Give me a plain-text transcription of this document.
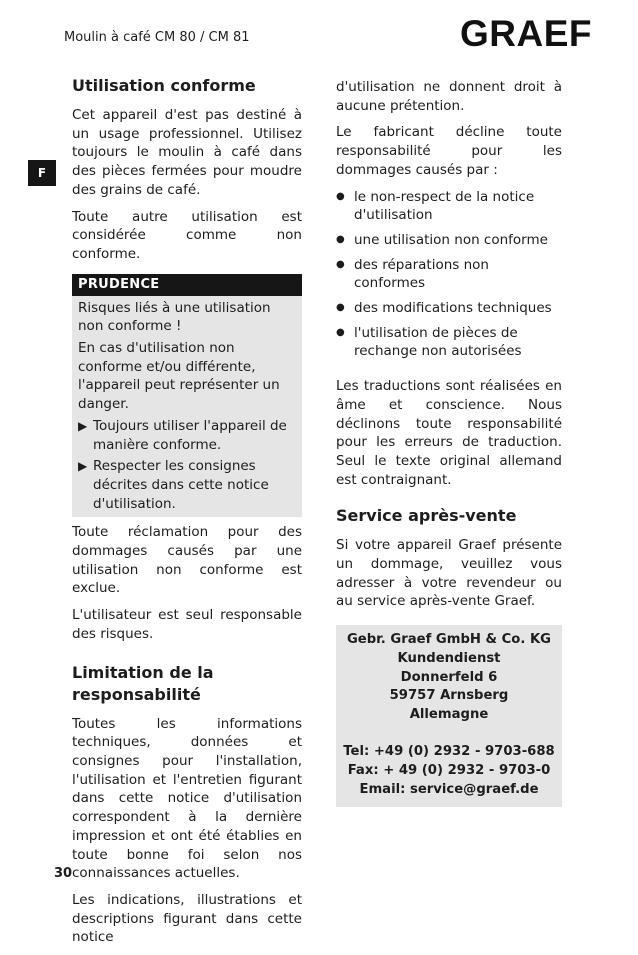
Moulin à café CM 80 / CM 81	GRAEF
F
Utilisation conforme

Cet appareil d'est pas destiné à un usage professionnel. Utilisez toujours le moulin à café dans des pièces fermées pour moudre des grains de café.

Toute autre utilisation est considérée comme non conforme.

PRUDENCE

Risques liés à une utilisation non conforme !

En cas d'utilisation non conforme et/ou différente, l'appareil peut représenter un danger.

▶ Toujours utiliser l'appareil de manière conforme.
▶ Respecter les consignes décrites dans cette notice d'utilisation.

Toute réclamation pour des dommages causés par une utilisation non conforme est exclue.

L'utilisateur est seul responsable des risques.

Limitation de la responsabilité

Toutes les informations techniques, données et consignes pour l'installation, l'utilisation et l'entretien figurant dans cette notice d'utilisation correspondent à la dernière impression et ont été établies en toute bonne foi selon nos connaissances actuelles.

Les indications, illustrations et descriptions figurant dans cette notice

d'utilisation ne donnent droit à aucune prétention.

Le fabricant décline toute responsabilité pour les dommages causés par :

● le non-respect de la notice d'utilisation
● une utilisation non conforme
● des réparations non conformes
● des modifications techniques
● l'utilisation de pièces de rechange non autorisées

Les traductions sont réalisées en âme et conscience. Nous déclinons toute responsabilité pour les erreurs de traduction. Seul le texte original allemand est contraignant.

Service après-vente

Si votre appareil Graef présente un dommage, veuillez vous adresser à votre revendeur ou au service après-vente Graef.

Gebr. Graef GmbH & Co. KG
Kundendienst
Donnerfeld 6
59757 Arnsberg
Allemagne
Tel: +49 (0) 2932 - 9703-688
Fax: + 49 (0) 2932 - 9703-0
Email: service@graef.de
30
